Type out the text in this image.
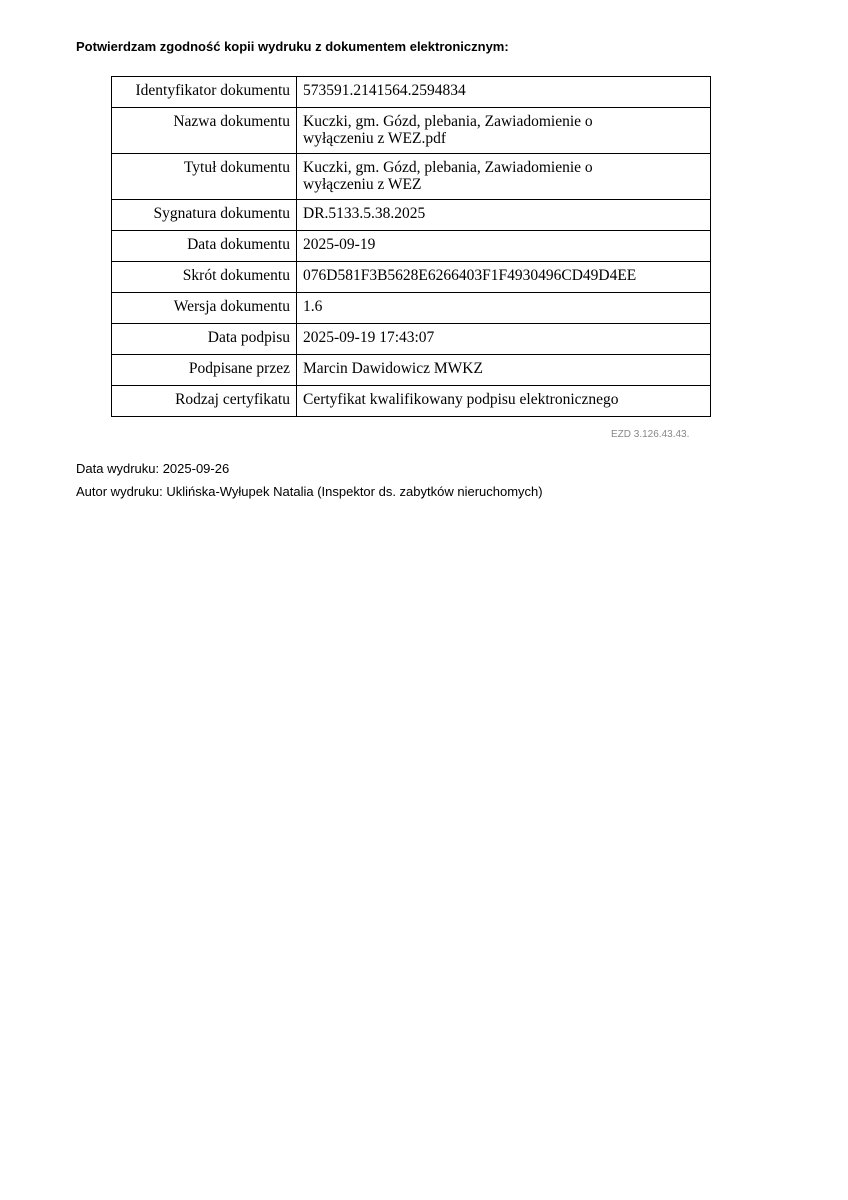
Potwierdzam zgodność kopii wydruku z dokumentem elektronicznym:
Identyfikator dokumentu	573591.2141564.2594834
Nazwa dokumentu	Kuczki, gm. Gózd, plebania, Zawiadomienie o
wyłączeniu z WEZ.pdf

Tytuł dokumentu	Kuczki, gm. Gózd, plebania, Zawiadomienie o
wyłączeniu z WEZ

Sygnatura dokumentu	DR.5133.5.38.2025
Data dokumentu	2025-09-19
Skrót dokumentu	076D581F3B5628E6266403F1F4930496CD49D4EE
Wersja dokumentu	1.6
Data podpisu	2025-09-19 17:43:07
Podpisane przez	Marcin Dawidowicz MWKZ
Rodzaj certyfikatu	Certyfikat kwalifikowany podpisu elektronicznego
EZD 3.126.43.43.
Data wydruku: 2025-09-26
Autor wydruku: Uklińska-Wyłupek Natalia (Inspektor ds. zabytków nieruchomych)
